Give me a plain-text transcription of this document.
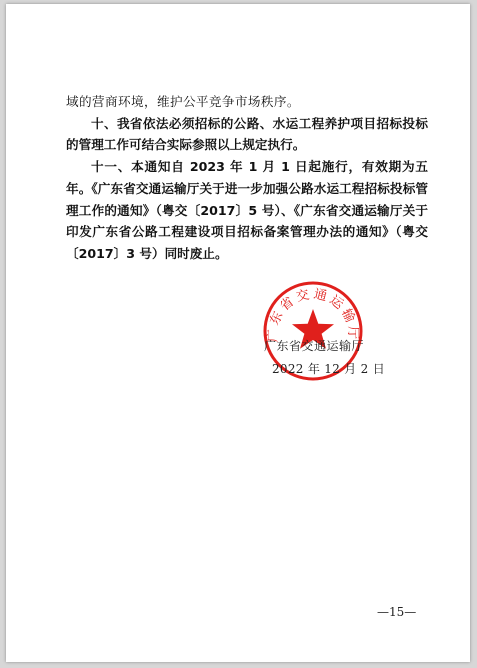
域的营商环境，维护公平竞争市场秩序。

十、我省依法必须招标的公路、水运工程养护项目招标投标的管理工作可结合实际参照以上规定执行。

十一、本通知自 2023 年 1 月 1 日起施行，有效期为五年。《广东省交通运输厅关于进一步加强公路水运工程招标投标管理工作的通知》（粤交〔2017〕5 号）、《广东省交通运输厅关于印发广东省公路工程建设项目招标备案管理办法的通知》（粤交〔2017〕3 号）同时废止。

广东省交通运输厅
广东省交通运输厅
2022 年 12 月 2 日
—15—
